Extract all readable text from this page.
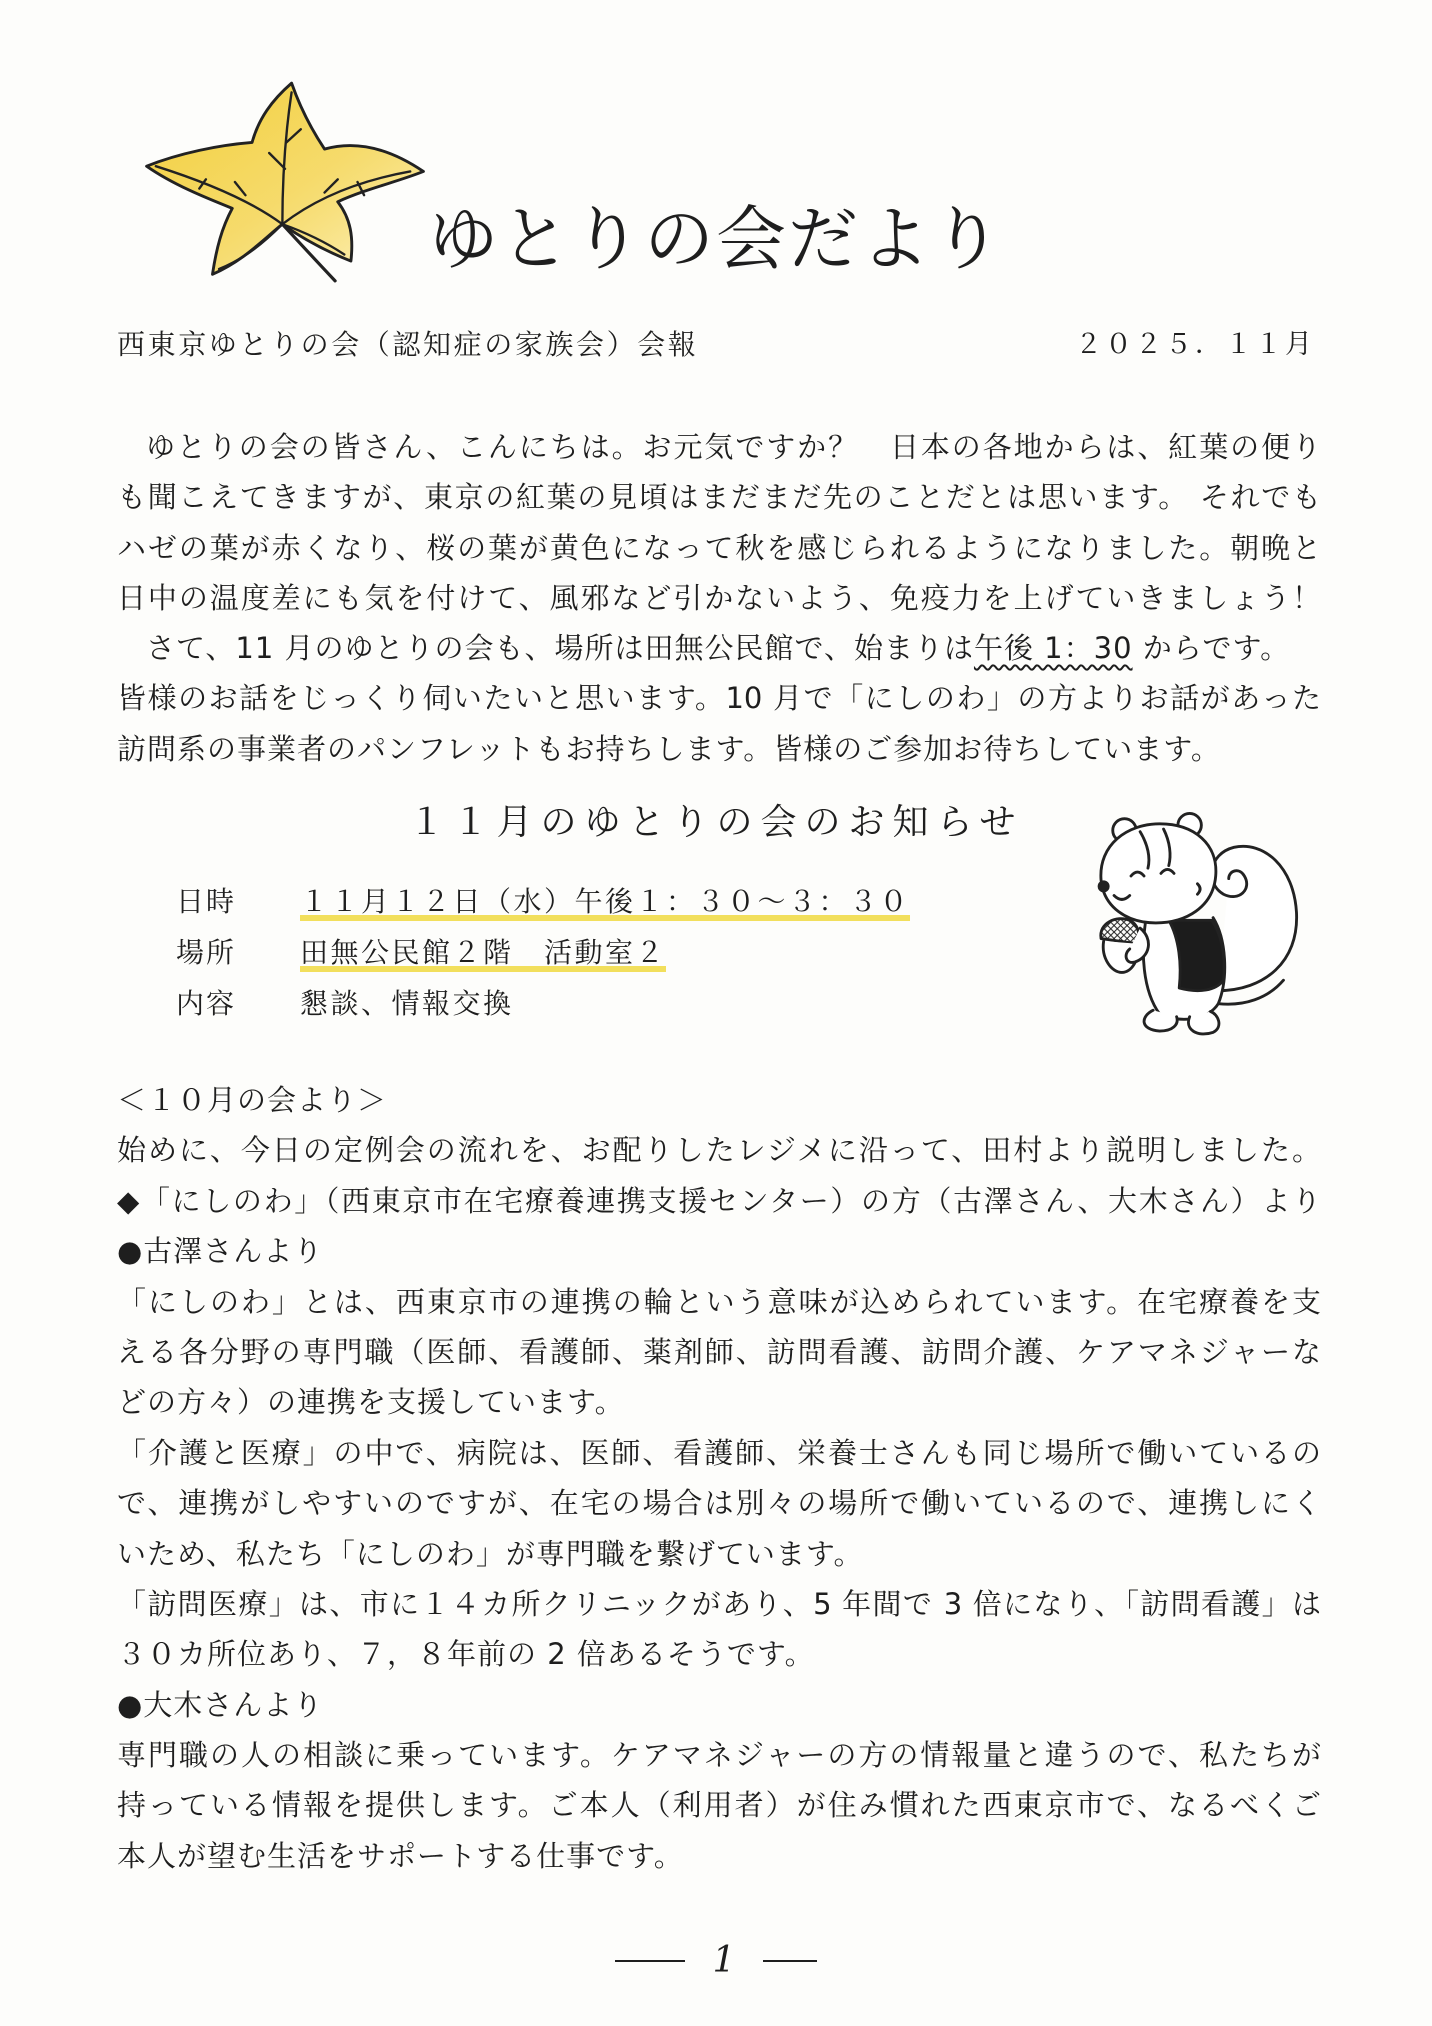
ゆとりの会だより
西東京ゆとりの会（認知症の家族会）会報	２０２５．１１月
ゆとりの会の皆さん、こんにちは。お元気ですか？　日本の各地からは、紅葉の便り
も聞こえてきますが、東京の紅葉の見頃はまだまだ先のことだとは思います。 それでも
ハゼの葉が赤くなり、桜の葉が黄色になって秋を感じられるようになりました。朝晩と
日中の温度差にも気を付けて、風邪など引かないよう、免疫力を上げていきましょう！
さて、11 月のゆとりの会も、場所は田無公民館で、始まりは午後 1：30 からです。
皆様のお話をじっくり伺いたいと思います。10 月で「にしのわ」の方よりお話があった
訪問系の事業者のパンフレットもお持ちします。皆様のご参加お待ちしています。
１１月のゆとりの会のお知らせ
日時	１１月１２日（水）午後１：３０～３：３０
場所	田無公民館２階　活動室２
内容	懇談、情報交換
＜１０月の会より＞
始めに、今日の定例会の流れを、お配りしたレジメに沿って、田村より説明しました。
◆「にしのわ」（西東京市在宅療養連携支援センター）の方（古澤さん、大木さん）より
●古澤さんより
「にしのわ」とは、西東京市の連携の輪という意味が込められています。在宅療養を支
える各分野の専門職（医師、看護師、薬剤師、訪問看護、訪問介護、ケアマネジャーな
どの方々）の連携を支援しています。
「介護と医療」の中で、病院は、医師、看護師、栄養士さんも同じ場所で働いているの
で、連携がしやすいのですが、在宅の場合は別々の場所で働いているので、連携しにく
いため、私たち「にしのわ」が専門職を繋げています。
「訪問医療」は、市に１４カ所クリニックがあり、5 年間で 3 倍になり、「訪問看護」は
３０カ所位あり、７，８年前の 2 倍あるそうです。
●大木さんより
専門職の人の相談に乗っています。ケアマネジャーの方の情報量と違うので、私たちが
持っている情報を提供します。ご本人（利用者）が住み慣れた西東京市で、なるべくご
本人が望む生活をサポートする仕事です。
1
